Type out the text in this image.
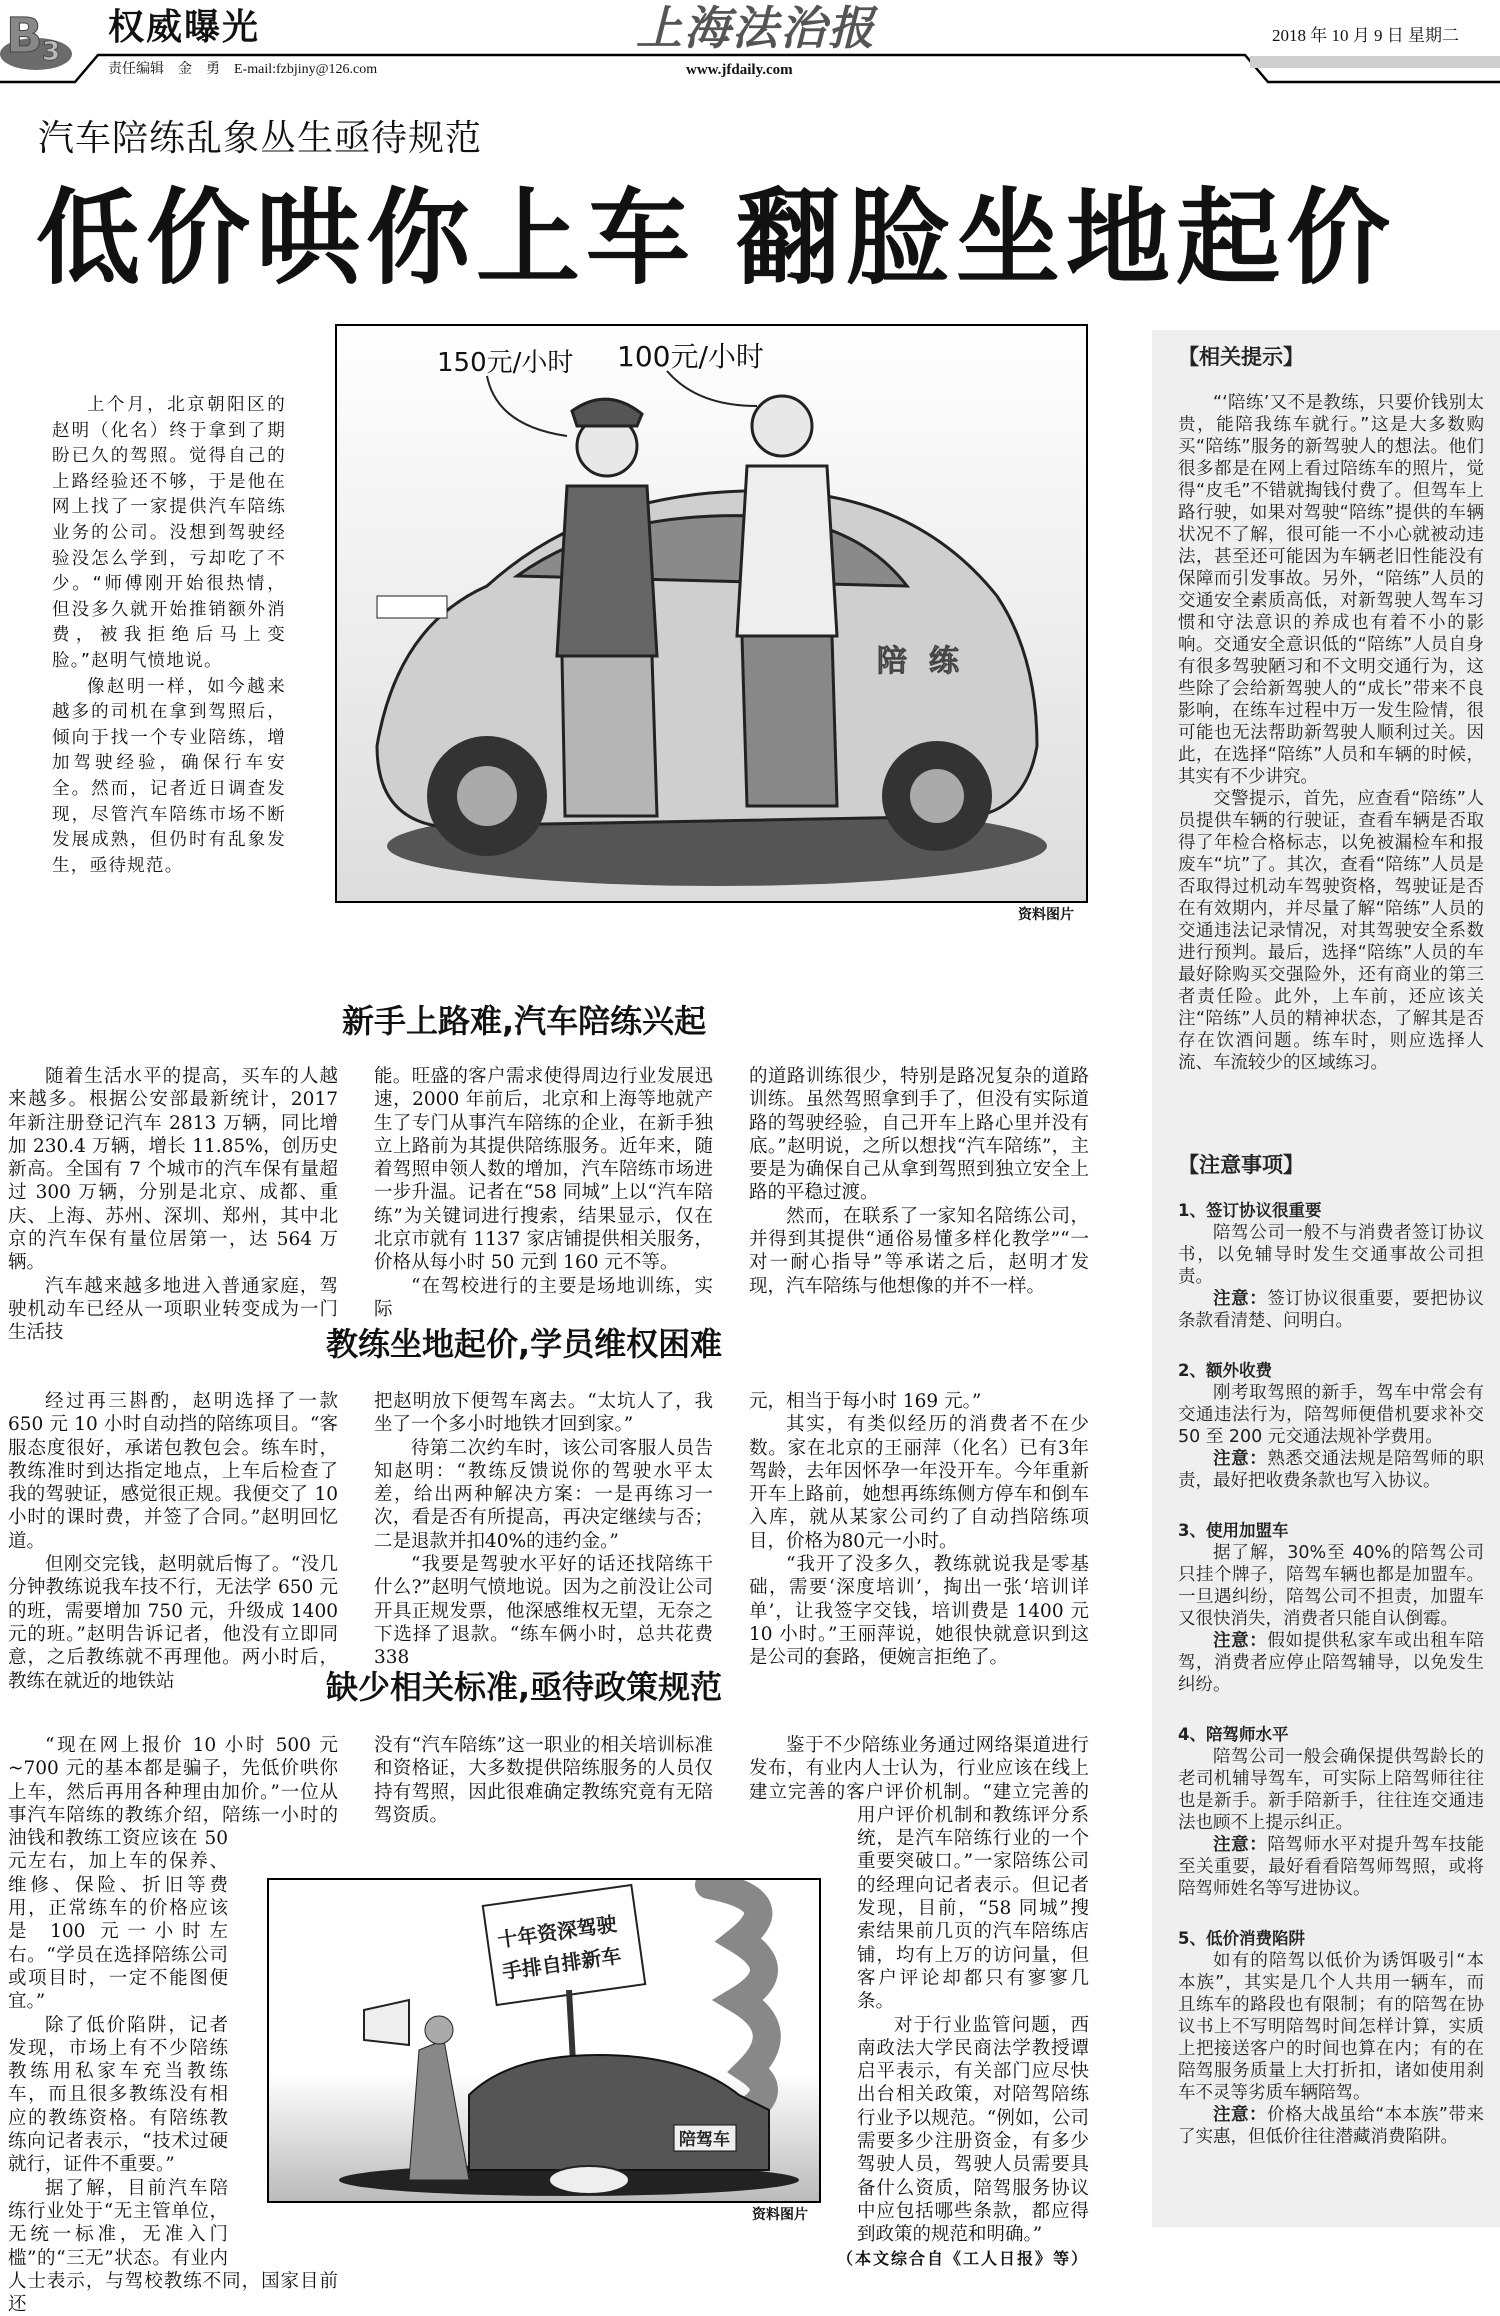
B 3
权威曝光	上海法治报	2018 年 10 月 9 日 星期二
责任编辑　金　勇　E-mail:fzbjiny@126.com	www.jfdaily.com
汽车陪练乱象丛生亟待规范
低价哄你上车 翻脸坐地起价

上个月，北京朝阳区的赵明（化名）终于拿到了期盼已久的驾照。觉得自己的上路经验还不够，于是他在网上找了一家提供汽车陪练业务的公司。没想到驾驶经验没怎么学到，亏却吃了不少。“师傅刚开始很热情，但没多久就开始推销额外消费，被我拒绝后马上变脸。”赵明气愤地说。

像赵明一样，如今越来越多的司机在拿到驾照后，倾向于找一个专业陪练，增加驾驶经验，确保行车安全。然而，记者近日调查发现，尽管汽车陪练市场不断发展成熟，但仍时有乱象发生，亟待规范。

陪练
150元/小时 100元/小时
资料图片
新手上路难,汽车陪练兴起
教练坐地起价,学员维权困难
缺少相关标准,亟待政策规范

随着生活水平的提高，买车的人越来越多。根据公安部最新统计，2017 年新注册登记汽车 2813 万辆，同比增加 230.4 万辆，增长 11.85%，创历史新高。全国有 7 个城市的汽车保有量超过 300 万辆，分别是北京、成都、重庆、上海、苏州、深圳、郑州，其中北京的汽车保有量位居第一，达 564 万辆。

汽车越来越多地进入普通家庭，驾驶机动车已经从一项职业转变成为一门生活技

能。旺盛的客户需求使得周边行业发展迅速，2000 年前后，北京和上海等地就产生了专门从事汽车陪练的企业，在新手独立上路前为其提供陪练服务。近年来，随着驾照申领人数的增加，汽车陪练市场进一步升温。记者在“58 同城”上以“汽车陪练”为关键词进行搜索，结果显示，仅在北京市就有 1137 家店铺提供相关服务，价格从每小时 50 元到 160 元不等。

“在驾校进行的主要是场地训练，实际

的道路训练很少，特别是路况复杂的道路训练。虽然驾照拿到手了，但没有实际道路的驾驶经验，自己开车上路心里并没有底。”赵明说，之所以想找“汽车陪练”，主要是为确保自己从拿到驾照到独立安全上路的平稳过渡。

然而，在联系了一家知名陪练公司，并得到其提供“通俗易懂多样化教学”“一对一耐心指导”等承诺之后，赵明才发现，汽车陪练与他想像的并不一样。

经过再三斟酌，赵明选择了一款 650 元 10 小时自动挡的陪练项目。“客服态度很好，承诺包教包会。练车时，教练准时到达指定地点，上车后检查了我的驾驶证，感觉很正规。我便交了 10 小时的课时费，并签了合同。”赵明回忆道。

但刚交完钱，赵明就后悔了。“没几分钟教练说我车技不行，无法学 650 元的班，需要增加 750 元，升级成 1400 元的班。”赵明告诉记者，他没有立即同意，之后教练就不再理他。两小时后，教练在就近的地铁站

把赵明放下便驾车离去。“太坑人了，我坐了一个多小时地铁才回到家。”

待第二次约车时，该公司客服人员告知赵明：“教练反馈说你的驾驶水平太差，给出两种解决方案：一是再练习一次，看是否有所提高，再决定继续与否；二是退款并扣40%的违约金。”

“我要是驾驶水平好的话还找陪练干什么?”赵明气愤地说。因为之前没让公司开具正规发票，他深感维权无望，无奈之下选择了退款。“练车俩小时，总共花费 338

元，相当于每小时 169 元。”

其实，有类似经历的消费者不在少数。家在北京的王丽萍（化名）已有3年驾龄，去年因怀孕一年没开车。今年重新开车上路前，她想再练练侧方停车和倒车入库，就从某家公司约了自动挡陪练项目，价格为80元一小时。

“我开了没多久，教练就说我是零基础，需要‘深度培训’，掏出一张‘培训详单’，让我签字交钱，培训费是 1400 元 10 小时。”王丽萍说，她很快就意识到这是公司的套路，便婉言拒绝了。

“现在网上报价 10 小时 500 元 ~700 元的基本都是骗子，先低价哄你上车，然后再用各种理由加价。”一位从事汽车陪练的教练介绍，陪练一小时的油钱和教练工资应该在 50 元左右，加上车的保养、维修、保险、折旧等费用，正常练车的价格应该是 100 元一小时左右。“学员在选择陪练公司或项目时，一定不能图便宜。”

除了低价陷阱，记者发现，市场上有不少陪练教练用私家车充当教练车，而且很多教练没有相应的教练资格。有陪练教练向记者表示，“技术过硬就行，证件不重要。”

据了解，目前汽车陪练行业处于“无主管单位，无统一标准，无准入门槛”的“三无”状态。有业内人士表示，与驾校教练不同，国家目前还

没有“汽车陪练”这一职业的相关培训标准和资格证，大多数提供陪练服务的人员仅持有驾照，因此很难确定教练究竟有无陪驾资质。

鉴于不少陪练业务通过网络渠道进行发布，有业内人士认为，行业应该在线上建立完善的客户评价机制。“建立完善的用户评价机制和教练评分系统，是汽车陪练行业的一个重要突破口。”一家陪练公司的经理向记者表示。但记者发现，目前，“58 同城”搜索结果前几页的汽车陪练店铺，均有上万的访问量，但客户评论却都只有寥寥几条。

对于行业监管问题，西南政法大学民商法学教授谭启平表示，有关部门应尽快出台相关政策，对陪驾陪练行业予以规范。“例如，公司需要多少注册资金，有多少驾驶人员，驾驶人员需要具备什么资质，陪驾服务协议中应包括哪些条款，都应得到政策的规范和明确。”

（本文综合自《工人日报》等）

十年资深驾驶
手排自排新车
陪驾车
资料图片
【相关提示】

“‘陪练’又不是教练，只要价钱别太贵，能陪我练车就行。”这是大多数购买“陪练”服务的新驾驶人的想法。他们很多都是在网上看过陪练车的照片，觉得“皮毛”不错就掏钱付费了。但驾车上路行驶，如果对驾驶“陪练”提供的车辆状况不了解，很可能一不小心就被动违法，甚至还可能因为车辆老旧性能没有保障而引发事故。另外，“陪练”人员的交通安全素质高低，对新驾驶人驾车习惯和守法意识的养成也有着不小的影响。交通安全意识低的“陪练”人员自身有很多驾驶陋习和不文明交通行为，这些除了会给新驾驶人的“成长”带来不良影响，在练车过程中万一发生险情，很可能也无法帮助新驾驶人顺利过关。因此，在选择“陪练”人员和车辆的时候，其实有不少讲究。

交警提示，首先，应查看“陪练”人员提供车辆的行驶证，查看车辆是否取得了年检合格标志，以免被漏检车和报废车“坑”了。其次，查看“陪练”人员是否取得过机动车驾驶资格，驾驶证是否在有效期内，并尽量了解“陪练”人员的交通违法记录情况，对其驾驶安全系数进行预判。最后，选择“陪练”人员的车最好除购买交强险外，还有商业的第三者责任险。此外，上车前，还应该关注“陪练”人员的精神状态，了解其是否存在饮酒问题。练车时，则应选择人流、车流较少的区域练习。

【注意事项】
1、签订协议很重要

陪驾公司一般不与消费者签订协议书，以免辅导时发生交通事故公司担责。

注意：签订协议很重要，要把协议条款看清楚、问明白。

2、额外收费

刚考取驾照的新手，驾车中常会有交通违法行为，陪驾师便借机要求补交 50 至 200 元交通法规补学费用。

注意：熟悉交通法规是陪驾师的职责，最好把收费条款也写入协议。

3、使用加盟车

据了解，30%至 40%的陪驾公司只挂个牌子，陪驾车辆也都是加盟车。一旦遇纠纷，陪驾公司不担责，加盟车又很快消失，消费者只能自认倒霉。

注意：假如提供私家车或出租车陪驾，消费者应停止陪驾辅导，以免发生纠纷。

4、陪驾师水平

陪驾公司一般会确保提供驾龄长的老司机辅导驾车，可实际上陪驾师往往也是新手。新手陪新手，往往连交通违法也顾不上提示纠正。

注意：陪驾师水平对提升驾车技能至关重要，最好看看陪驾师驾照，或将陪驾师姓名等写进协议。

5、低价消费陷阱

如有的陪驾以低价为诱饵吸引“本本族”，其实是几个人共用一辆车，而且练车的路段也有限制；有的陪驾在协议书上不写明陪驾时间怎样计算，实质上把接送客户的时间也算在内；有的在陪驾服务质量上大打折扣，诸如使用刹车不灵等劣质车辆陪驾。

注意：价格大战虽给“本本族”带来了实惠，但低价往往潜藏消费陷阱。
